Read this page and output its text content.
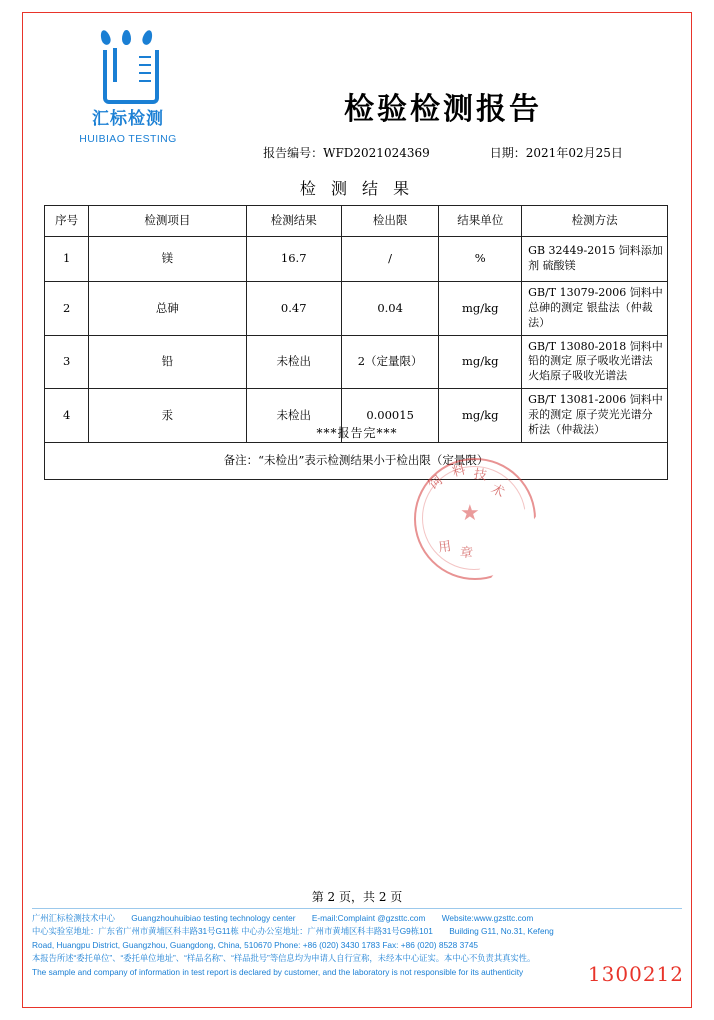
汇标检测
HUIBIAO TESTING
检验检测报告
报告编号：WFD2021024369	日期：2021年02月25日
检 测 结 果
序号	检测项目	检测结果	检出限	结果单位	检测方法
1	镁	16.7	/	%	GB 32449-2015 饲料添加剂 硫酸镁
2	总砷	0.47	0.04	mg/kg	GB/T 13079-2006 饲料中总砷的测定 银盐法（仲裁法）
3	铅	未检出	2（定量限）	mg/kg	GB/T 13080-2018 饲料中铅的测定 原子吸收光谱法 火焰原子吸收光谱法
4	汞	未检出	0.00015	mg/kg	GB/T 13081-2006 饲料中汞的测定 原子荧光光谱分析法（仲裁法）
备注：“未检出”表示检测结果小于检出限（定量限）					
***报告完***
★
饲
料 技
术
用 章
第 2 页，共 2 页
广州汇标检测技术中心 Guangzhouhuibiao testing technology center E-mail:Complaint @gzsttc.com Website:www.gzsttc.com
中心实验室地址：广东省广州市黄埔区科丰路31号G11栋 中心办公室地址：广州市黄埔区科丰路31号G9栋101 Building G11, No.31, Kefeng
Road, Huangpu District, Guangzhou, Guangdong, China, 510670 Phone: +86 (020) 3430 1783 Fax: +86 (020) 8528 3745
本报告所述“委托单位”、“委托单位地址”、“样品名称”、“样品批号”等信息均为申请人自行宣称，未经本中心证实。本中心不负责其真实性。
The sample and company of information in test report is declared by customer, and the laboratory is not responsible for its authenticity	1300212
